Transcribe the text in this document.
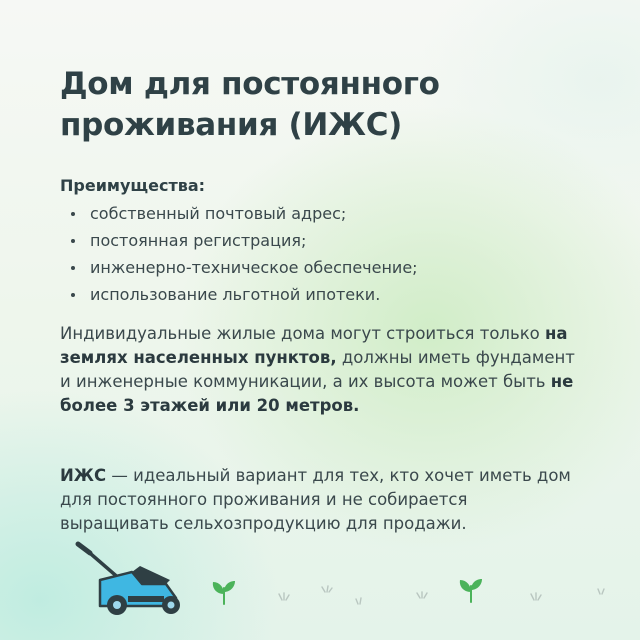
Дом для постоянного проживания (ИЖС)

Преимущества:

собственный почтовый адрес;
постоянная регистрация;
инженерно-техническое обеспечение;
использование льготной ипотеки.

Индивидуальные жилые дома могут строиться только на землях населенных пунктов, должны иметь фундамент и инженерные коммуникации, а их высота может быть не более 3 этажей или 20 метров.

ИЖС — идеальный вариант для тех, кто хочет иметь дом для постоянного проживания и не собирается выращивать сельхозпродукцию для продажи.
